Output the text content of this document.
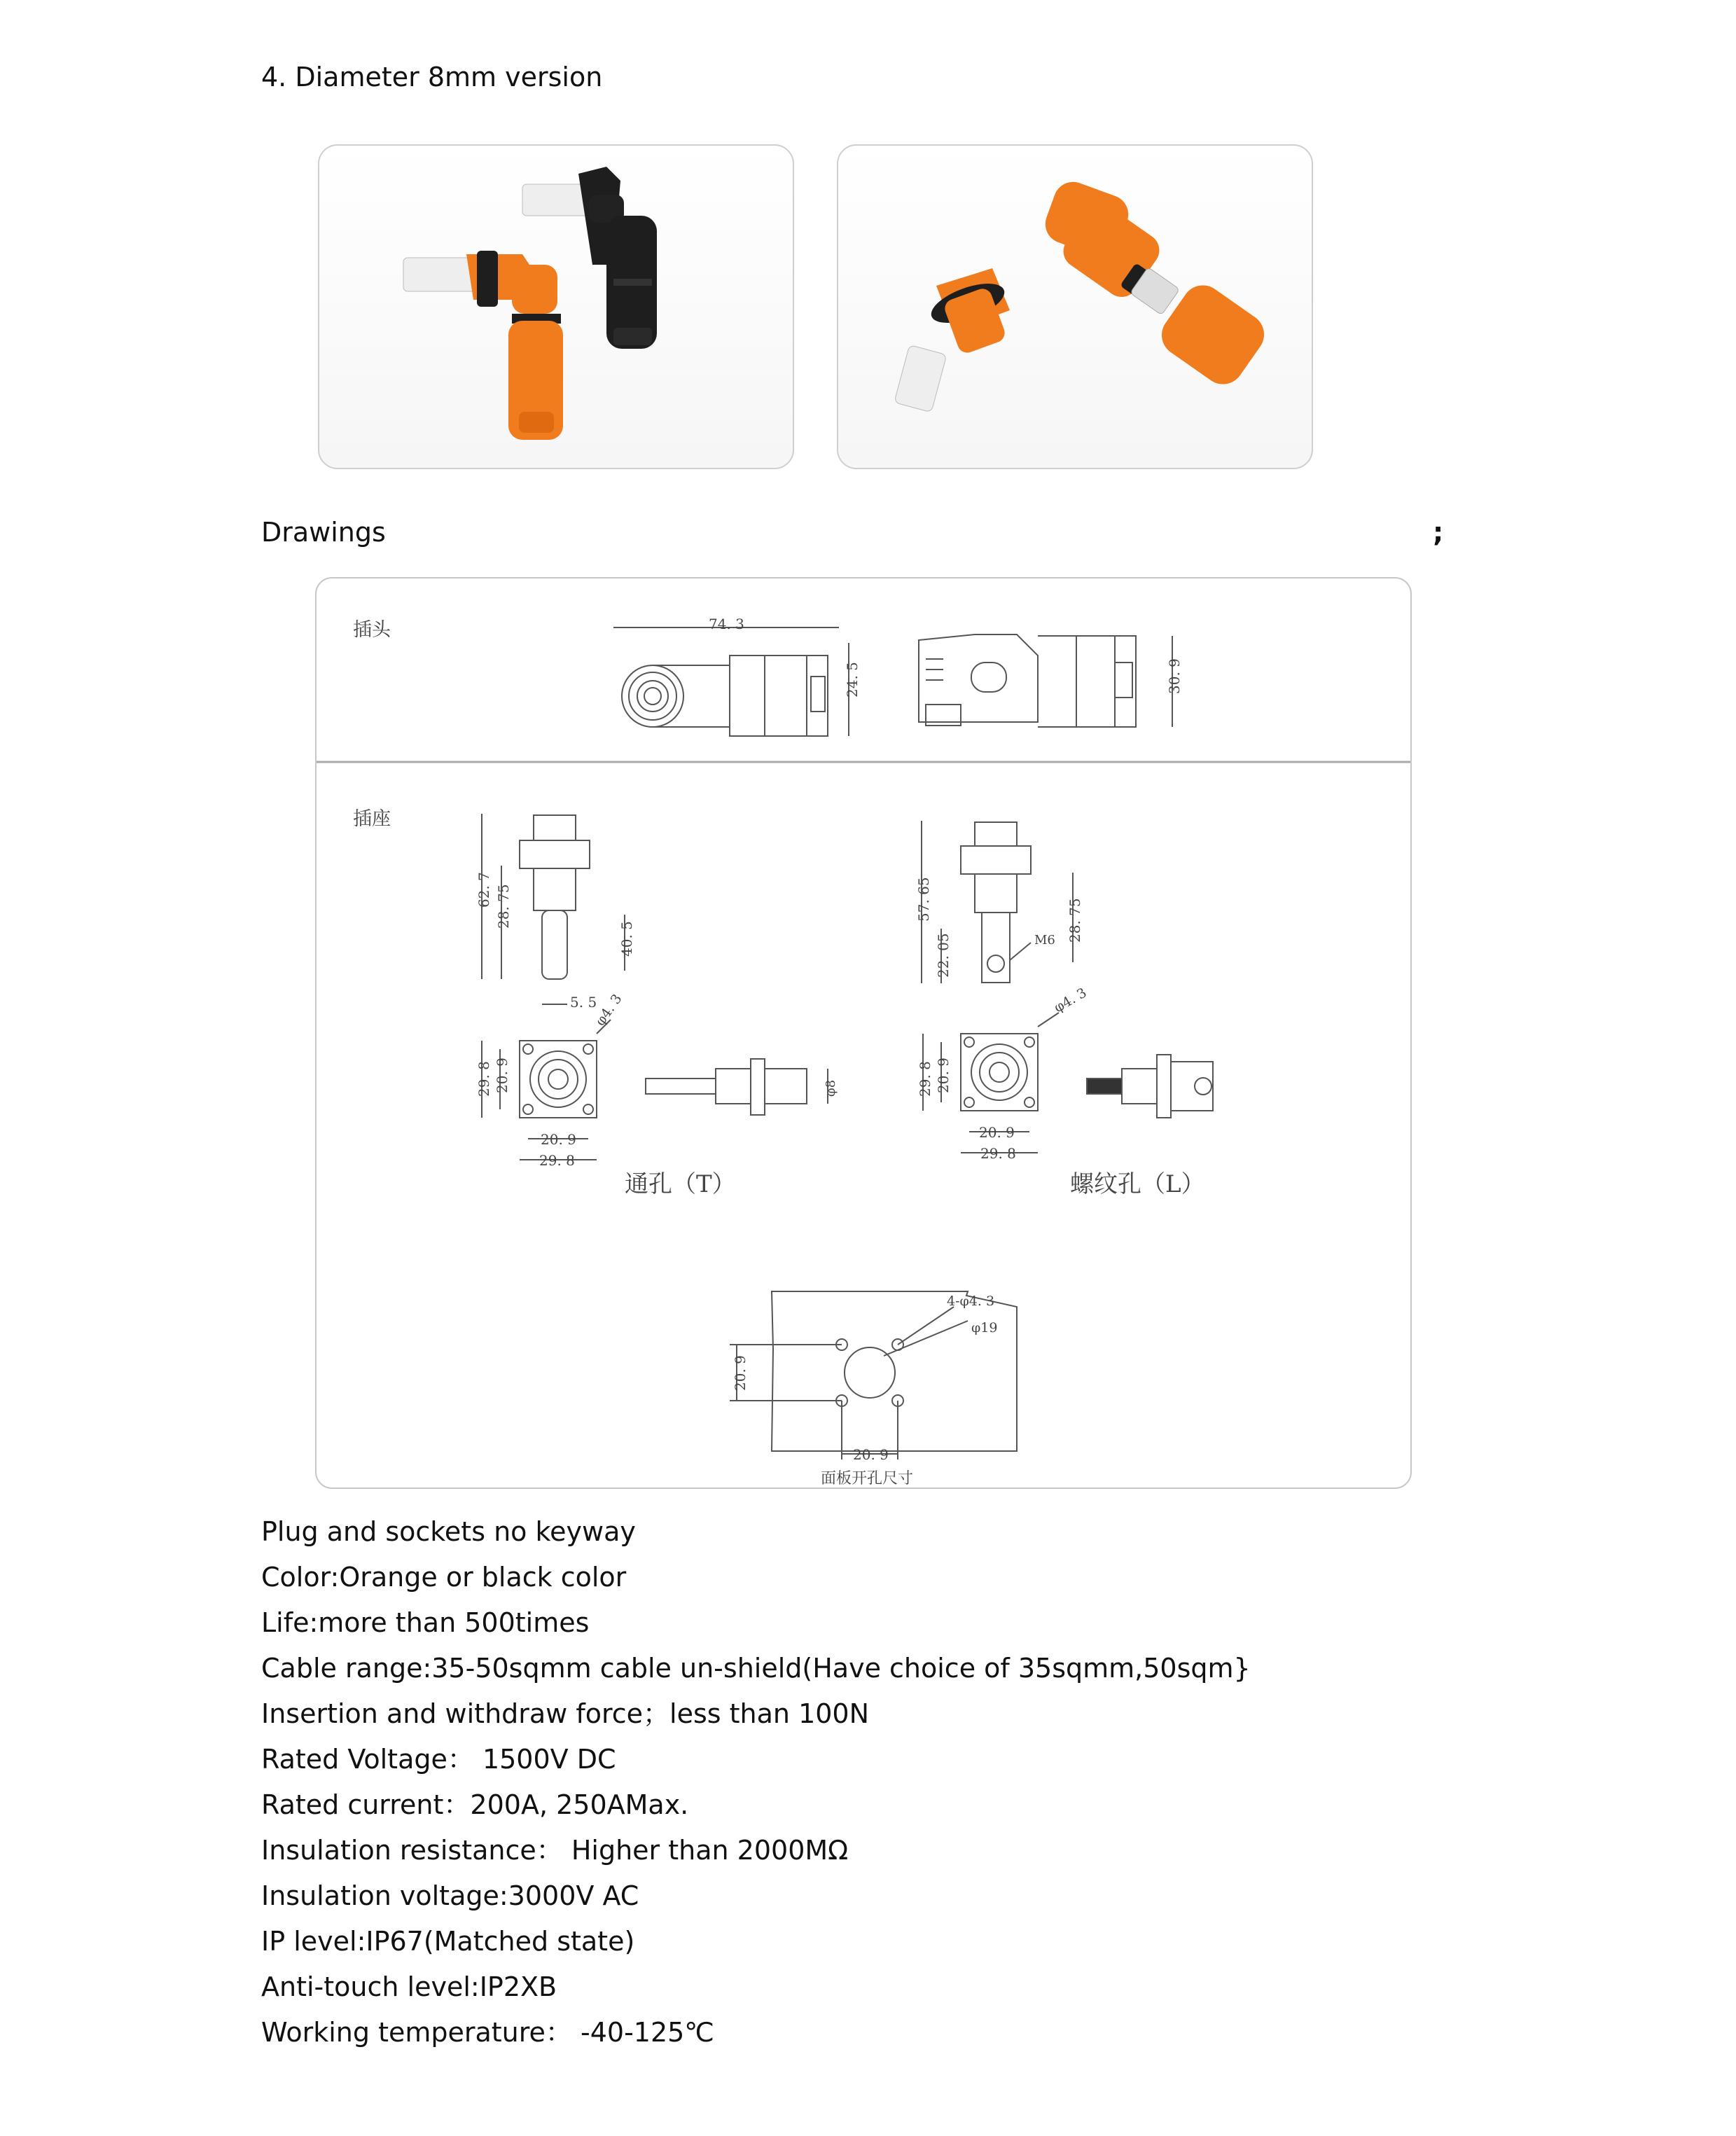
4. Diameter 8mm version
Drawings	;
插头
插座
74. 3
24. 5	30. 9
62. 7 28. 75
40. 5
5. 5
57. 65
22. 05	M6 28. 75
φ4. 3
29. 8 20. 9
20. 9
29. 8
通孔（T）
φ8
φ4. 3
29. 8 20. 9
20. 9
29. 8
螺纹孔（L）
4-φ4. 3
φ19
20. 9
20. 9
面板开孔尺寸
Plug and sockets no keyway
Color:Orange or black color
Life:more than 500times
Cable range:35-50sqmm cable un-shield(Have choice of 35sqmm,50sqm}
Insertion and withdraw force；less than 100N
Rated Voltage： 1500V DC
Rated current：200A, 250AMax.
Insulation resistance： Higher than 2000MΩ
Insulation voltage:3000V AC
IP level:IP67(Matched state)
Anti-touch level:IP2XB
Working temperature： -40-125℃
